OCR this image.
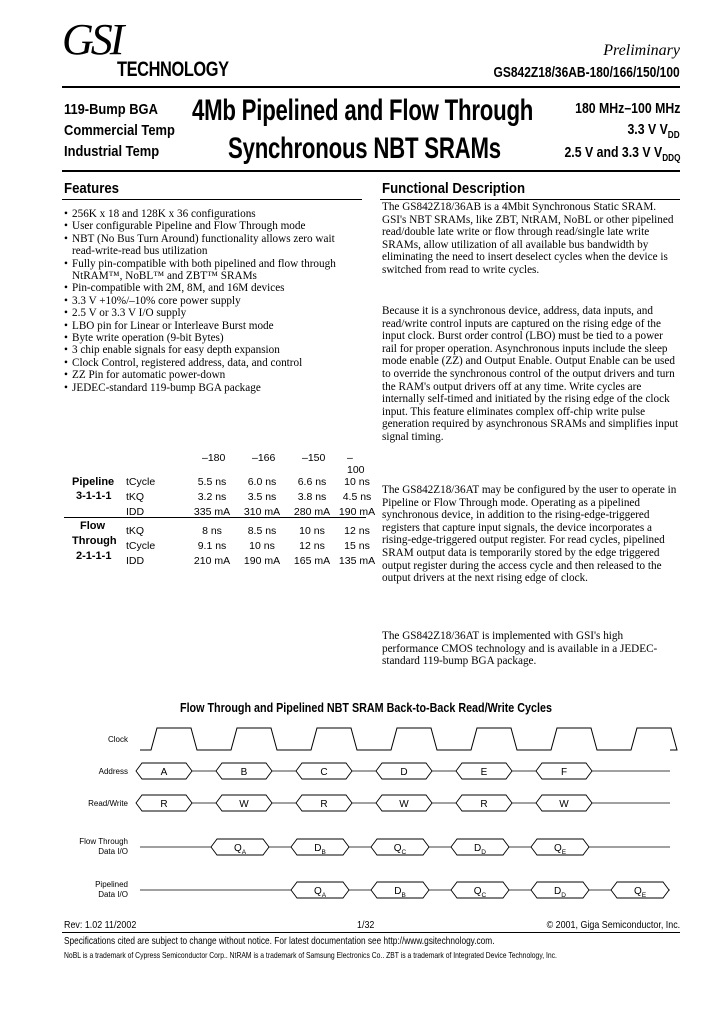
GSI
TECHNOLOGY
Preliminary
GS842Z18/36AB-180/166/150/100
119-Bump BGA
Commercial Temp
Industrial Temp
4Mb Pipelined and Flow Through
Synchronous NBT SRAMs
180 MHz–100 MHz
3.3 V $V_{DD}$
2.5 V and 3.3 V $V_{DDQ}$
Features
• 256K x 18 and 128K x 36 configurations
• User configurable Pipeline and Flow Through mode
• NBT (No Bus Turn Around) functionality allows zero wait
read-write-read bus utilization
• Fully pin-compatible with both pipelined and flow through
NtRAM™, NoBL™ and ZBT™ SRAMs
• Pin-compatible with 2M, 8M, and 16M devices
• 3.3 V +10%/–10% core power supply
• 2.5 V or 3.3 V I/O supply
• LBO pin for Linear or Interleave Burst mode
• Byte write operation (9-bit Bytes)
• 3 chip enable signals for easy depth expansion
• Clock Control, registered address, data, and control
• ZZ Pin for automatic power-down
• JEDEC-standard 119-bump BGA package
–180	–166	–150 –100
Pipeline
3-1-1-1
tCycle	5.5 ns	6.0 ns	6.6 ns	10 ns
tKQ	3.2 ns	3.5 ns	3.8 ns	4.5 ns
IDD	335 mA	310 mA	280 mA 190 mA
Flow
Through
2-1-1-1
tKQ	8 ns	8.5 ns	10 ns	12 ns
tCycle	9.1 ns	10 ns	12 ns	15 ns
IDD	210 mA	190 mA	165 mA 135 mA
Functional Description
The GS842Z18/36AB is a 4Mbit Synchronous Static SRAM. GSI's NBT SRAMs, like ZBT, NtRAM, NoBL or other pipelined read/double late write or flow through read/single late write SRAMs, allow utilization of all available bus bandwidth by eliminating the need to insert deselect cycles when the device is switched from read to write cycles.
Because it is a synchronous device, address, data inputs, and read/write control inputs are captured on the rising edge of the input clock. Burst order control (LBO) must be tied to a power rail for proper operation. Asynchronous inputs include the sleep mode enable (ZZ) and Output Enable. Output Enable can be used to override the synchronous control of the output drivers and turn the RAM's output drivers off at any time. Write cycles are internally self-timed and initiated by the rising edge of the clock input. This feature eliminates complex off-chip write pulse generation required by asynchronous SRAMs and simplifies input signal timing.
The GS842Z18/36AT may be configured by the user to operate in Pipeline or Flow Through mode. Operating as a pipelined synchronous device, in addition to the rising-edge-triggered registers that capture input signals, the device incorporates a rising-edge-triggered output register. For read cycles, pipelined SRAM output data is temporarily stored by the edge triggered output register during the access cycle and then released to the output drivers at the next rising edge of clock.
The GS842Z18/36AT is implemented with GSI's high performance CMOS technology and is available in a JEDEC-standard 119-bump BGA package.
Flow Through and Pipelined NBT SRAM Back-to-Back Read/Write Cycles
Clock
Address
Read/Write
Flow Through
Data I/O
Pipelined
Data I/O
A	B	C	D	E	F
R	W	R	W	R	W
$Q_A$	$D_B$	$Q_C$	$D_D$	$Q_E$
$Q_A$	$D_B$	$Q_C$	$D_D$	$Q_E$
Rev: 1.02 11/2002	1/32	© 2001, Giga Semiconductor, Inc.
Specifications cited are subject to change without notice. For latest documentation see http://www.gsitechnology.com.
NoBL is a trademark of Cypress Semiconductor Corp.. NtRAM is a trademark of Samsung Electronics Co.. ZBT is a trademark of Integrated Device Technology, Inc.
